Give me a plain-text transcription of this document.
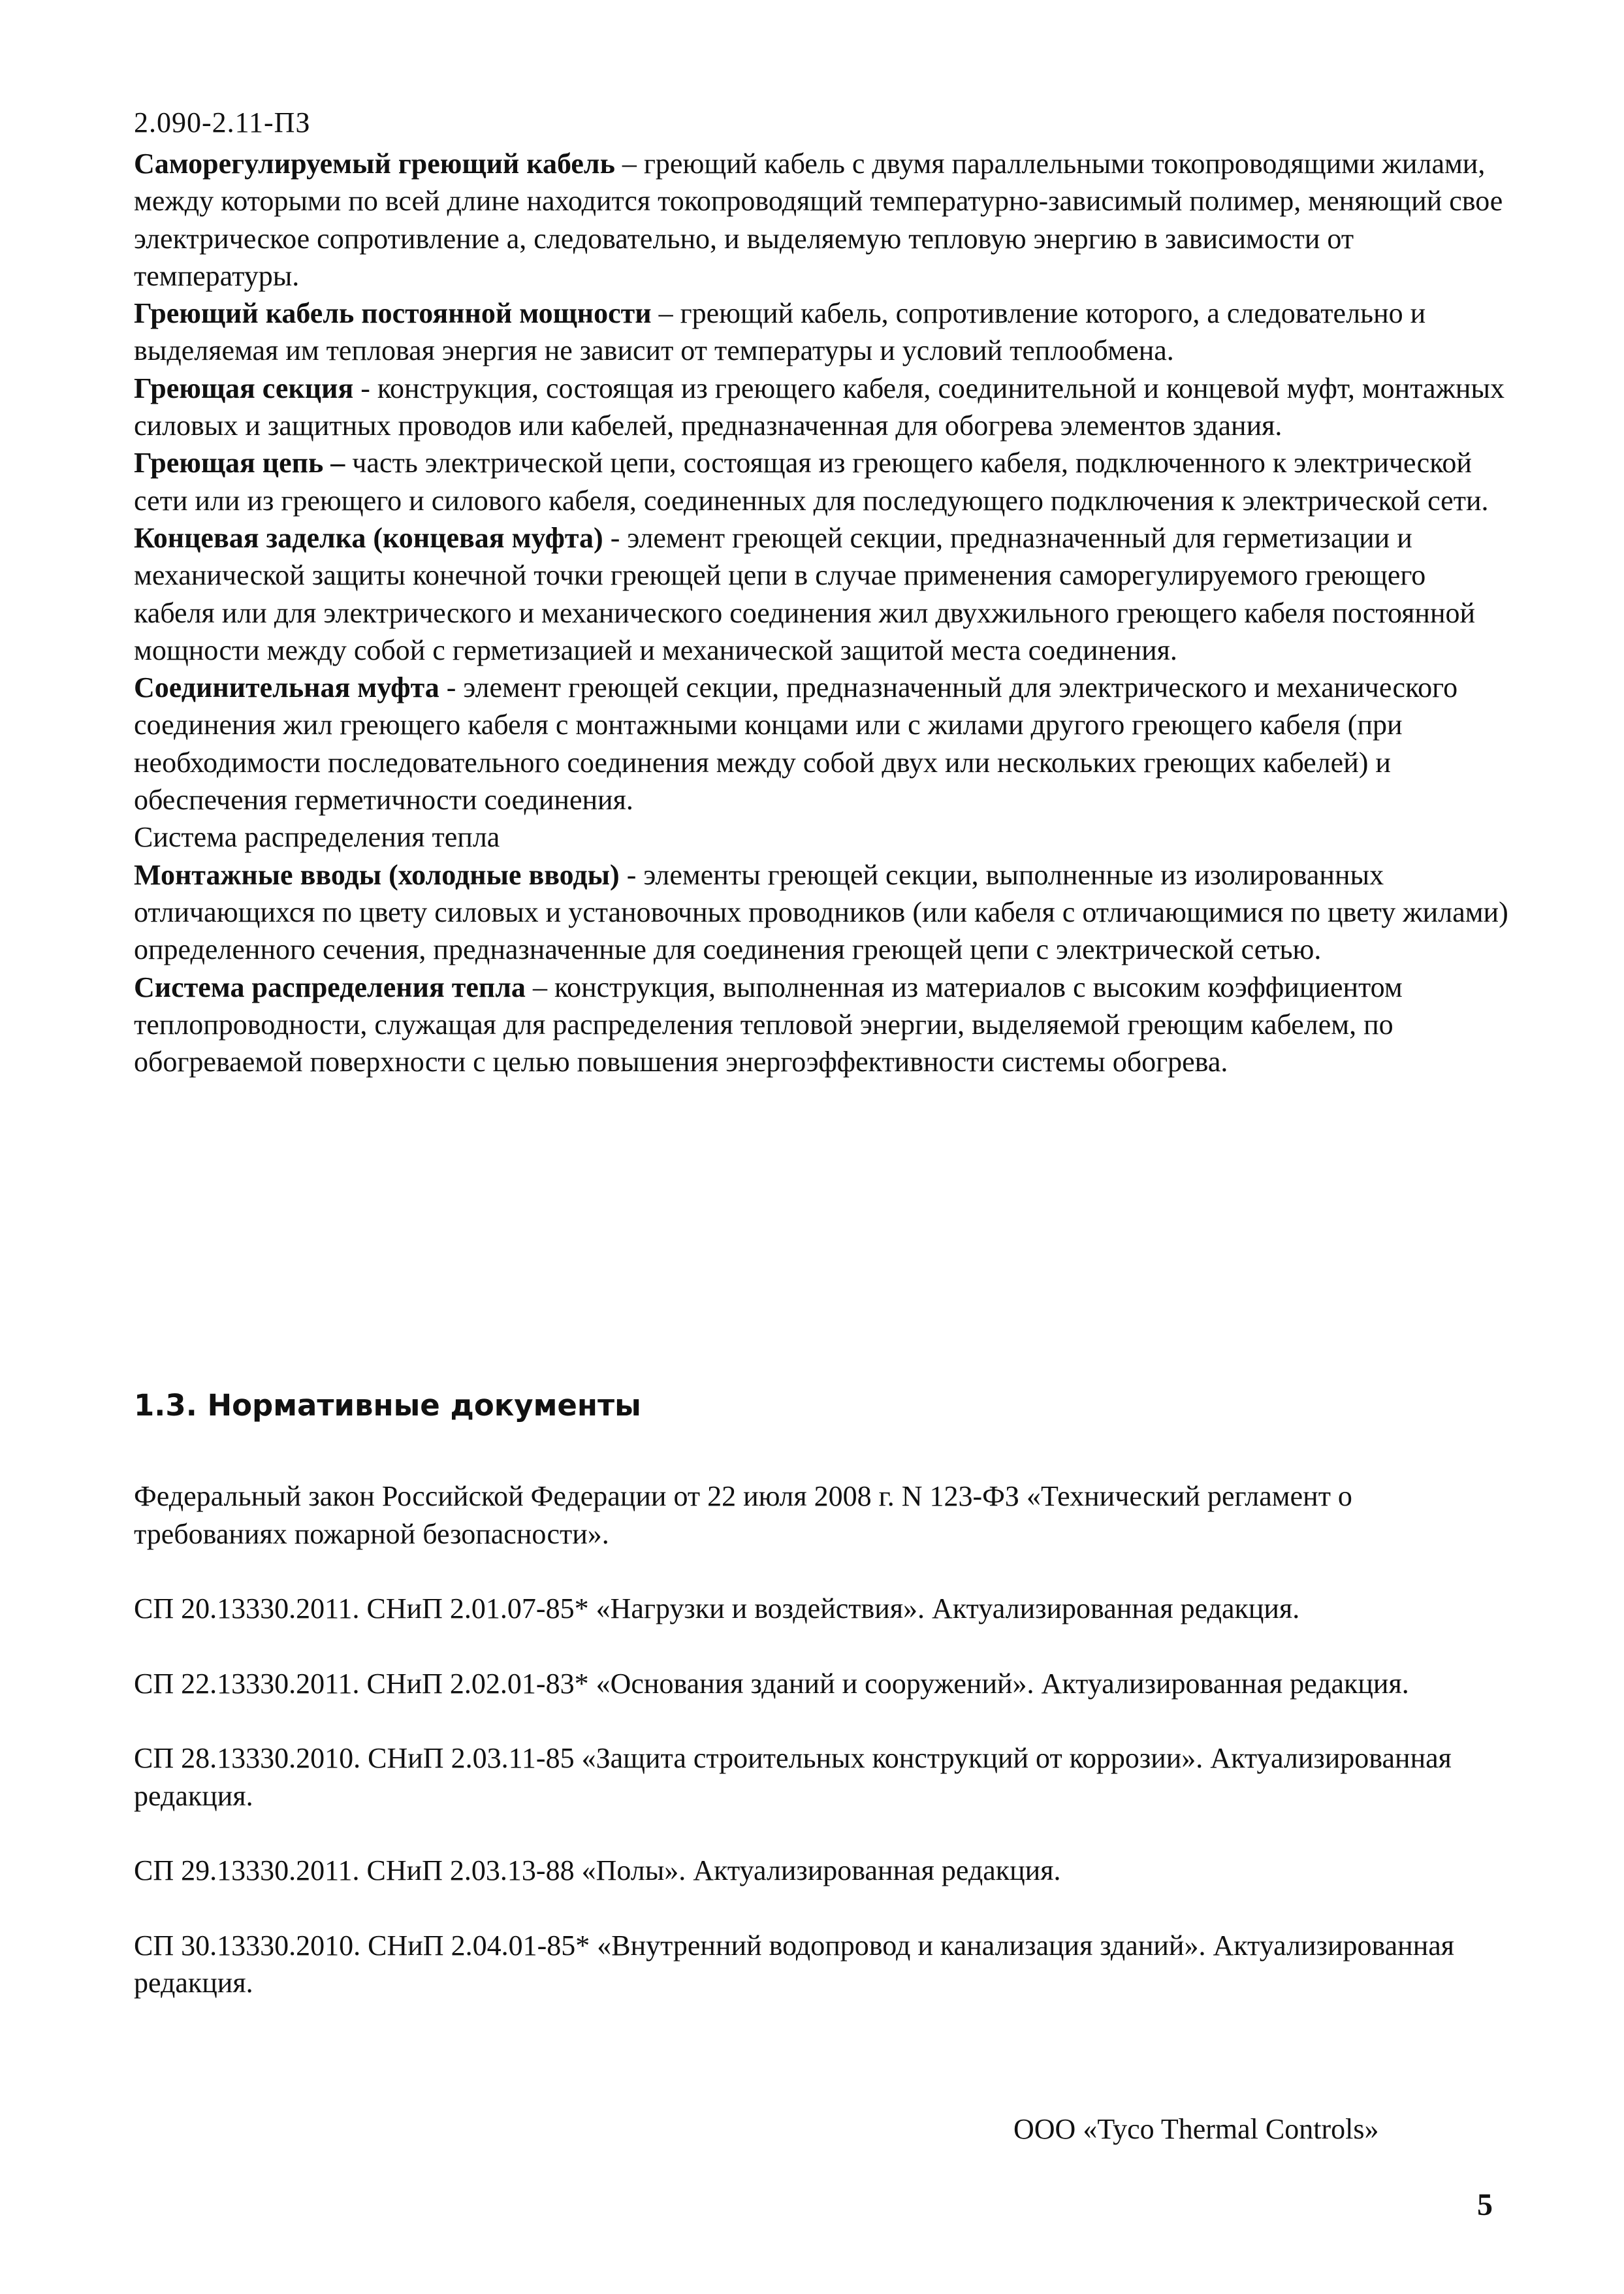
2.090-2.11-ПЗ

Саморегулируемый греющий кабель – греющий кабель с двумя параллельными токопроводящими жилами, между которыми по всей длине находится токопроводящий температурно-зависимый полимер, меняющий свое электрическое сопротивление а, следовательно, и выделяемую тепловую энергию в зависимости от температуры.

Греющий кабель постоянной мощности – греющий кабель, сопротивление которого, а следовательно и выделяемая им тепловая энергия не зависит от температуры и условий теплообмена.

Греющая секция - конструкция, состоящая из греющего кабеля, соединительной и концевой муфт, монтажных силовых и защитных проводов или кабелей, предназначенная для обогрева элементов здания.

Греющая цепь – часть электрической цепи, состоящая из греющего кабеля, подключенного к электрической сети или из греющего и силового кабеля, соединенных для последующего подключения к электрической сети.

Концевая заделка (концевая муфта) - элемент греющей секции, предназначенный для герметизации и механической защиты конечной точки греющей цепи в случае применения саморегулируемого греющего кабеля или для электрического и механического соединения жил двухжильного греющего кабеля постоянной мощности между собой с герметизацией и механической защитой места соединения.

Соединительная муфта - элемент греющей секции, предназначенный для электрического и механического соединения жил греющего кабеля с монтажными концами или с жилами другого греющего кабеля (при необходимости последовательного соединения между собой двух или нескольких греющих кабелей) и обеспечения герметичности соединения.

Система распределения тепла

Монтажные вводы (холодные вводы) - элементы греющей секции, выполненные из изолированных отличающихся по цвету силовых и установочных проводников (или кабеля с отличающимися по цвету жилами) определенного сечения, предназначенные для соединения греющей цепи с электрической сетью.

Система распределения тепла – конструкция, выполненная из материалов с высоким коэффициентом теплопроводности, служащая для распределения тепловой энергии, выделяемой греющим кабелем, по обогреваемой поверхности с целью повышения энергоэффективности системы обогрева.

1.3. Нормативные документы

Федеральный закон Российской Федерации от 22 июля 2008 г. N 123-ФЗ «Технический регламент о требованиях пожарной безопасности».

СП 20.13330.2011. СНиП 2.01.07-85* «Нагрузки и воздействия». Актуализированная редакция.

СП 22.13330.2011. СНиП 2.02.01-83* «Основания зданий и сооружений». Актуализированная редакция.

СП 28.13330.2010. СНиП 2.03.11-85 «Защита строительных конструкций от коррозии». Актуализированная редакция.

СП 29.13330.2011. СНиП 2.03.13-88 «Полы». Актуализированная редакция.

СП 30.13330.2010. СНиП 2.04.01-85* «Внутренний водопровод и канализация зданий». Актуализированная редакция.

ООО «Tyco Thermal Controls»
5
